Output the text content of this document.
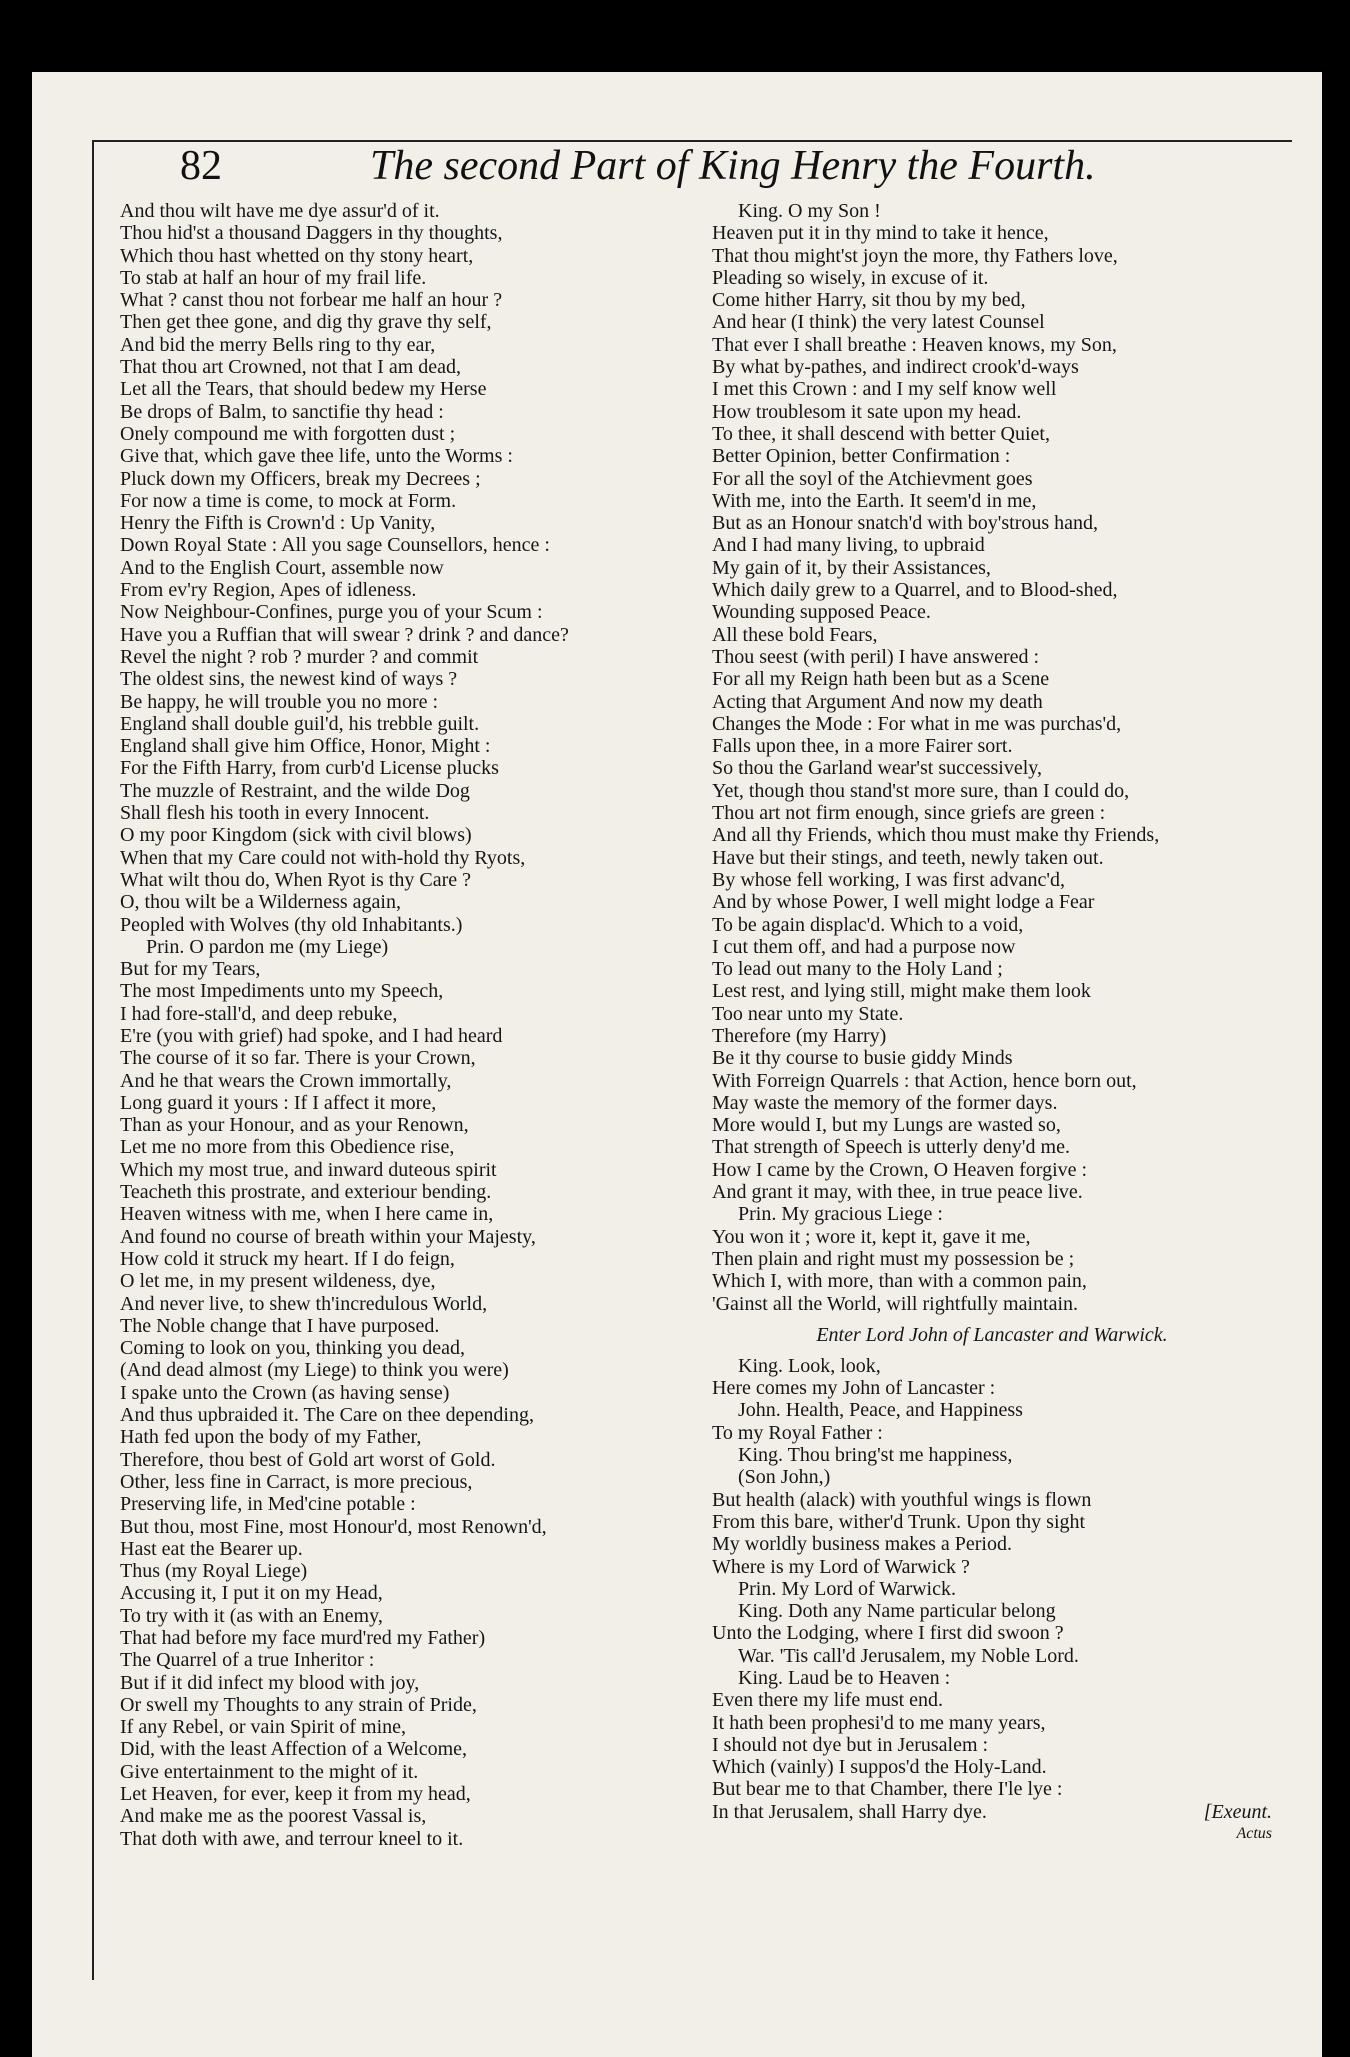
82	The second Part of King Henry the Fourth.
And thou wilt have me dye assur'd of it.
Thou hid'st a thousand Daggers in thy thoughts,
Which thou hast whetted on thy stony heart,
To stab at half an hour of my frail life.
What ? canst thou not forbear me half an hour ?
Then get thee gone, and dig thy grave thy self,
And bid the merry Bells ring to thy ear,
That thou art Crowned, not that I am dead,
Let all the Tears, that should bedew my Herse
Be drops of Balm, to sanctifie thy head :
Onely compound me with forgotten dust ;
Give that, which gave thee life, unto the Worms :
Pluck down my Officers, break my Decrees ;
For now a time is come, to mock at Form.
Henry the Fifth is Crown'd : Up Vanity,
Down Royal State : All you sage Counsellors, hence :
And to the English Court, assemble now
From ev'ry Region, Apes of idleness.
Now Neighbour-Confines, purge you of your Scum :
Have you a Ruffian that will swear ? drink ? and dance?
Revel the night ? rob ? murder ? and commit
The oldest sins, the newest kind of ways ?
Be happy, he will trouble you no more :
England shall double guil'd, his trebble guilt.
England shall give him Office, Honor, Might :
For the Fifth Harry, from curb'd License plucks
The muzzle of Restraint, and the wilde Dog
Shall flesh his tooth in every Innocent.
O my poor Kingdom (sick with civil blows)
When that my Care could not with-hold thy Ryots,
What wilt thou do, When Ryot is thy Care ?
O, thou wilt be a Wilderness again,
Peopled with Wolves (thy old Inhabitants.)
Prin. O pardon me (my Liege)
But for my Tears,
The most Impediments unto my Speech,
I had fore-stall'd, and deep rebuke,
E're (you with grief) had spoke, and I had heard
The course of it so far. There is your Crown,
And he that wears the Crown immortally,
Long guard it yours : If I affect it more,
Than as your Honour, and as your Renown,
Let me no more from this Obedience rise,
Which my most true, and inward duteous spirit
Teacheth this prostrate, and exteriour bending.
Heaven witness with me, when I here came in,
And found no course of breath within your Majesty,
How cold it struck my heart. If I do feign,
O let me, in my present wildeness, dye,
And never live, to shew th'incredulous World,
The Noble change that I have purposed.
Coming to look on you, thinking you dead,
(And dead almost (my Liege) to think you were)
I spake unto the Crown (as having sense)
And thus upbraided it. The Care on thee depending,
Hath fed upon the body of my Father,
Therefore, thou best of Gold art worst of Gold.
Other, less fine in Carract, is more precious,
Preserving life, in Med'cine potable :
But thou, most Fine, most Honour'd, most Renown'd,
Hast eat the Bearer up.
Thus (my Royal Liege)
Accusing it, I put it on my Head,
To try with it (as with an Enemy,
That had before my face murd'red my Father)
The Quarrel of a true Inheritor :
But if it did infect my blood with joy,
Or swell my Thoughts to any strain of Pride,
If any Rebel, or vain Spirit of mine,
Did, with the least Affection of a Welcome,
Give entertainment to the might of it.
Let Heaven, for ever, keep it from my head,
And make me as the poorest Vassal is,
That doth with awe, and terrour kneel to it.
King. O my Son !
Heaven put it in thy mind to take it hence,
That thou might'st joyn the more, thy Fathers love,
Pleading so wisely, in excuse of it.
Come hither Harry, sit thou by my bed,
And hear (I think) the very latest Counsel
That ever I shall breathe : Heaven knows, my Son,
By what by-pathes, and indirect crook'd-ways
I met this Crown : and I my self know well
How troublesom it sate upon my head.
To thee, it shall descend with better Quiet,
Better Opinion, better Confirmation :
For all the soyl of the Atchievment goes
With me, into the Earth. It seem'd in me,
But as an Honour snatch'd with boy'strous hand,
And I had many living, to upbraid
My gain of it, by their Assistances,
Which daily grew to a Quarrel, and to Blood-shed,
Wounding supposed Peace.
All these bold Fears,
Thou seest (with peril) I have answered :
For all my Reign hath been but as a Scene
Acting that Argument And now my death
Changes the Mode : For what in me was purchas'd,
Falls upon thee, in a more Fairer sort.
So thou the Garland wear'st successively,
Yet, though thou stand'st more sure, than I could do,
Thou art not firm enough, since griefs are green :
And all thy Friends, which thou must make thy Friends,
Have but their stings, and teeth, newly taken out.
By whose fell working, I was first advanc'd,
And by whose Power, I well might lodge a Fear
To be again displac'd. Which to a void,
I cut them off, and had a purpose now
To lead out many to the Holy Land ;
Lest rest, and lying still, might make them look
Too near unto my State.
Therefore (my Harry)
Be it thy course to busie giddy Minds
With Forreign Quarrels : that Action, hence born out,
May waste the memory of the former days.
More would I, but my Lungs are wasted so,
That strength of Speech is utterly deny'd me.
How I came by the Crown, O Heaven forgive :
And grant it may, with thee, in true peace live.
Prin. My gracious Liege :
You won it ; wore it, kept it, gave it me,
Then plain and right must my possession be ;
Which I, with more, than with a common pain,
'Gainst all the World, will rightfully maintain.
Enter Lord John of Lancaster and Warwick.
King. Look, look,
Here comes my John of Lancaster :
John. Health, Peace, and Happiness
To my Royal Father :
King. Thou bring'st me happiness,
(Son John,)
But health (alack) with youthful wings is flown
From this bare, wither'd Trunk. Upon thy sight
My worldly business makes a Period.
Where is my Lord of Warwick ?
Prin. My Lord of Warwick.
King. Doth any Name particular belong
Unto the Lodging, where I first did swoon ?
War. 'Tis call'd Jerusalem, my Noble Lord.
King. Laud be to Heaven :
Even there my life must end.
It hath been prophesi'd to me many years,
I should not dye but in Jerusalem :
Which (vainly) I suppos'd the Holy-Land.
But bear me to that Chamber, there I'le lye :
In that Jerusalem, shall Harry dye.	[Exeunt.
Actus
